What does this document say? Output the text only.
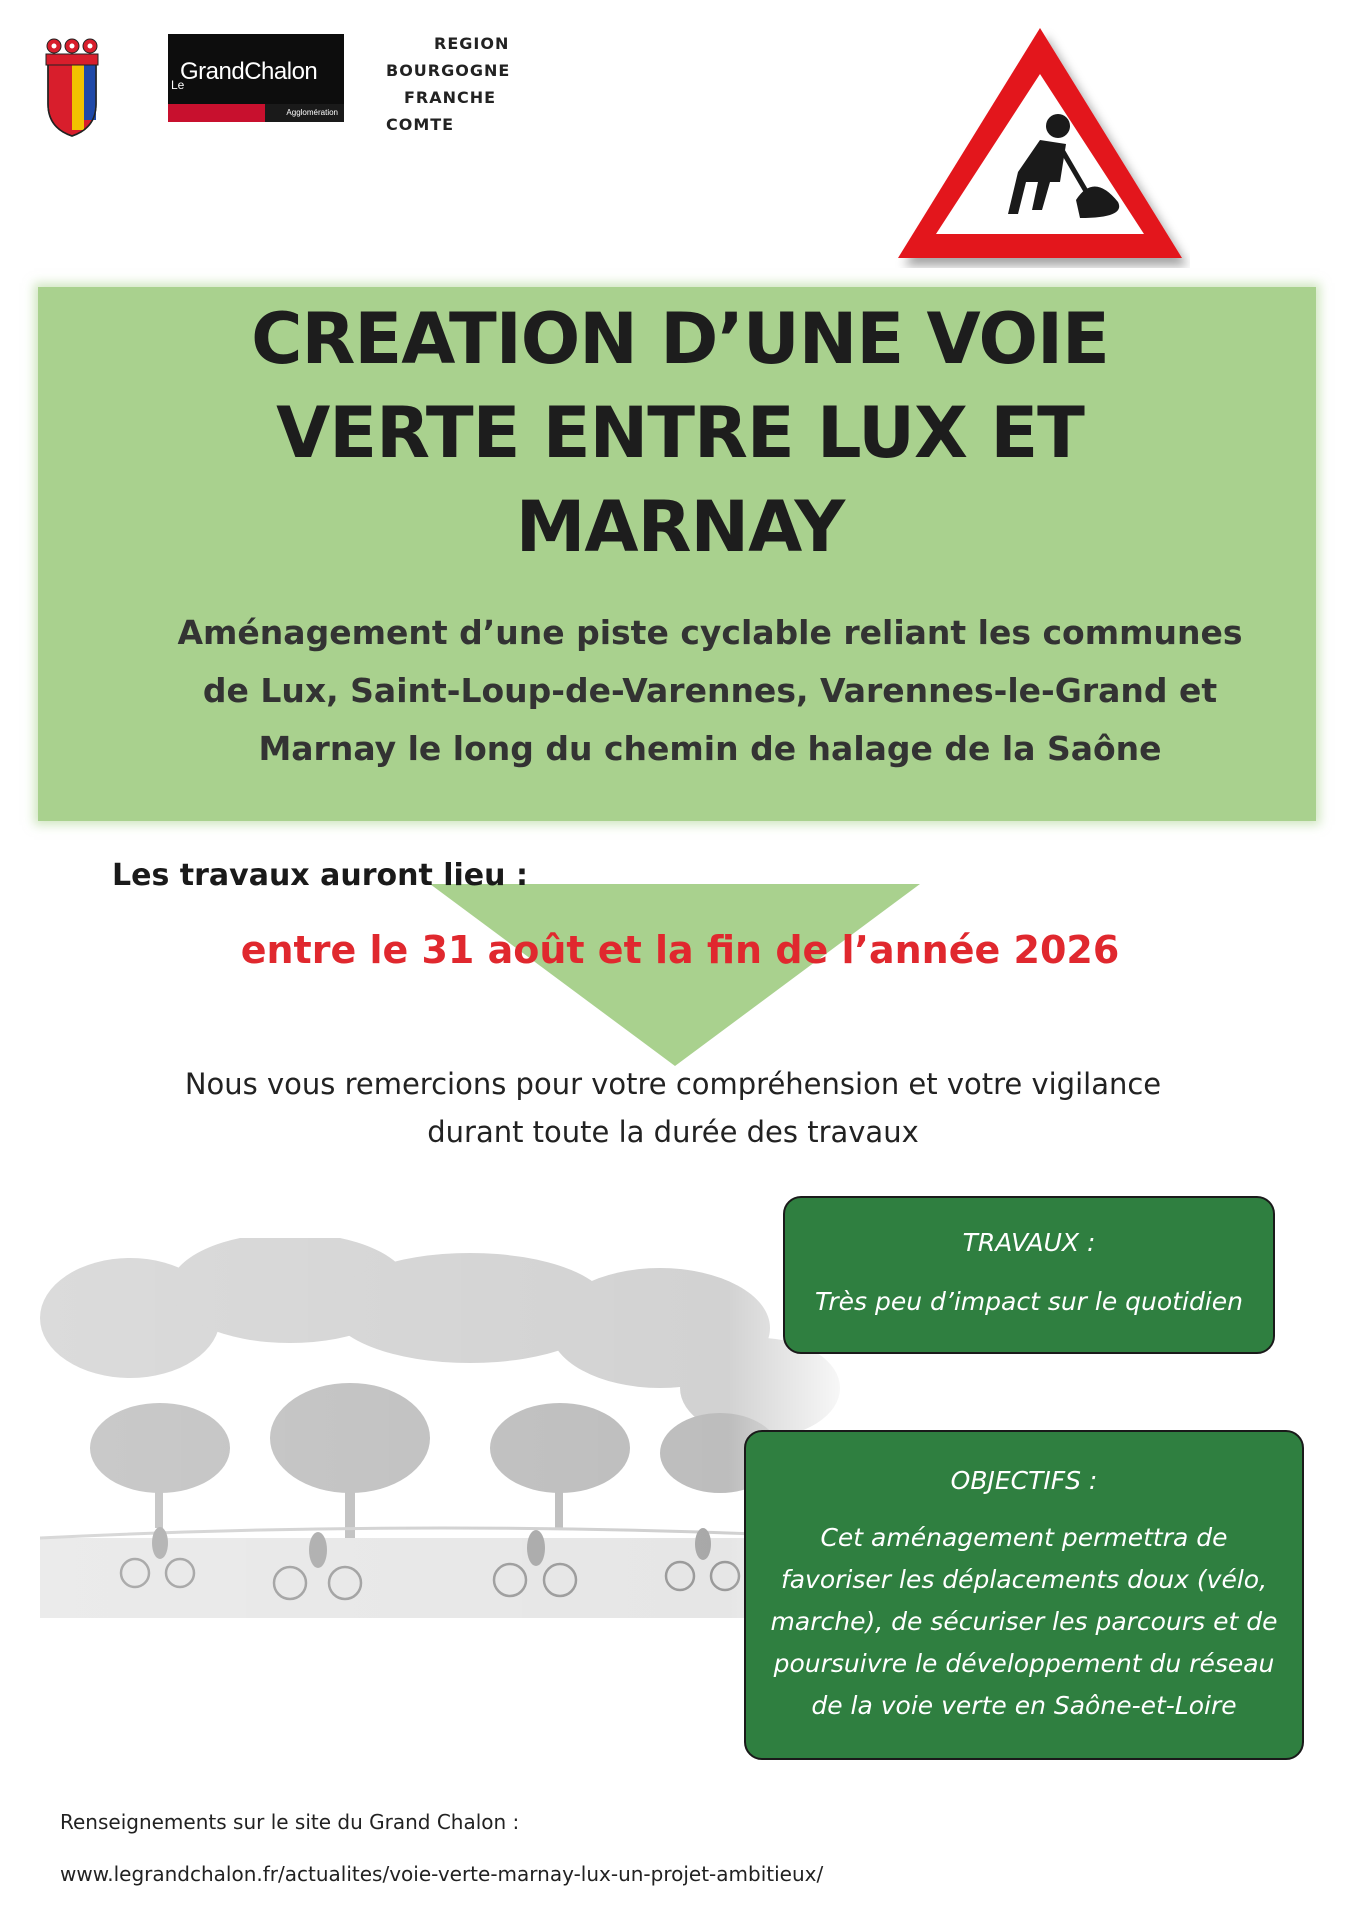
Le
GrandChalon
Agglomération
REGION
BOURGOGNE
FRANCHE
COMTE
CREATION D’UNE VOIE
VERTE ENTRE LUX ET
MARNAY
Aménagement d’une piste cyclable reliant les communes
de Lux, Saint-Loup-de-Varennes, Varennes-le-Grand et
Marnay le long du chemin de halage de la Saône
Les travaux auront lieu :
entre le 31 août et la fin de l’année 2026
Nous vous remercions pour votre compréhension et votre vigilance
durant toute la durée des travaux
TRAVAUX :
Très peu d’impact sur le quotidien
OBJECTIFS :
Cet aménagement permettra de
favoriser les déplacements doux (vélo,
marche), de sécuriser les parcours et de
poursuivre le développement du réseau
de la voie verte en Saône-et-Loire
Renseignements sur le site du Grand Chalon :
www.legrandchalon.fr/actualites/voie-verte-marnay-lux-un-projet-ambitieux/
